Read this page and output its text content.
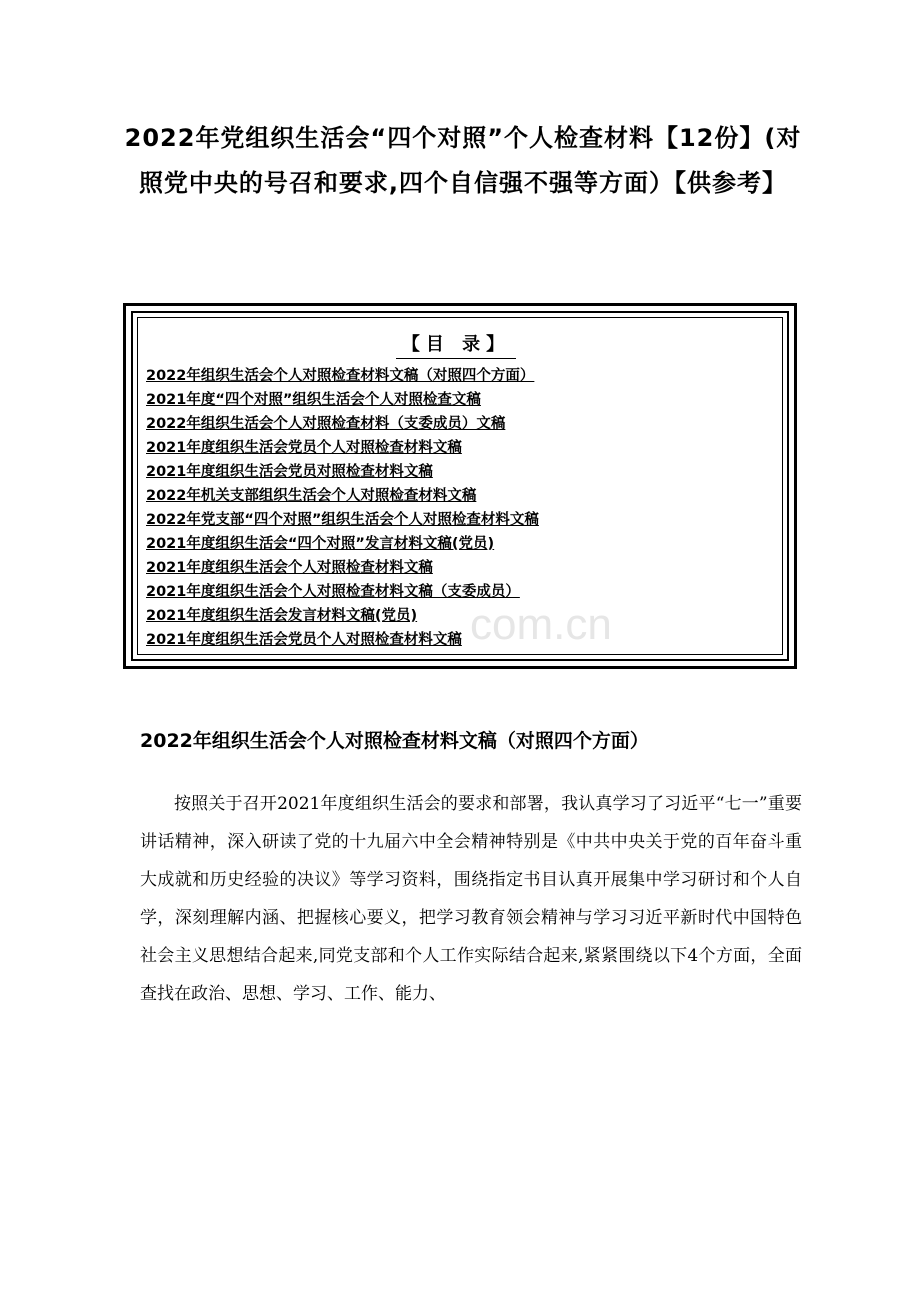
2022年党组织生活会“四个对照”个人检查材料【12份】(对照党中央的号召和要求,四个自信强不强等方面）【供参考】
【目 录】
2022年组织生活会个人对照检查材料文稿（对照四个方面）
2021年度“四个对照”组织生活会个人对照检查文稿
2022年组织生活会个人对照检查材料（支委成员）文稿
2021年度组织生活会党员个人对照检查材料文稿
2021年度组织生活会党员对照检查材料文稿
2022年机关支部组织生活会个人对照检查材料文稿
2022年党支部“四个对照”组织生活会个人对照检查材料文稿
2021年度组织生活会“四个对照”发言材料文稿(党员)
2021年度组织生活会个人对照检查材料文稿
2021年度组织生活会个人对照检查材料文稿（支委成员）
2021年度组织生活会发言材料文稿(党员)
2021年度组织生活会党员个人对照检查材料文稿 com.cn
2022年组织生活会个人对照检查材料文稿（对照四个方面）

按照关于召开2021年度组织生活会的要求和部署，我认真学习了习近平“七一”重要讲话精神，深入研读了党的十九届六中全会精神特别是《中共中央关于党的百年奋斗重大成就和历史经验的决议》等学习资料，围绕指定书目认真开展集中学习研讨和个人自学，深刻理解内涵、把握核心要义，把学习教育领会精神与学习习近平新时代中国特色社会主义思想结合起来,同党支部和个人工作实际结合起来,紧紧围绕以下4个方面，全面查找在政治、思想、学习、工作、能力、
